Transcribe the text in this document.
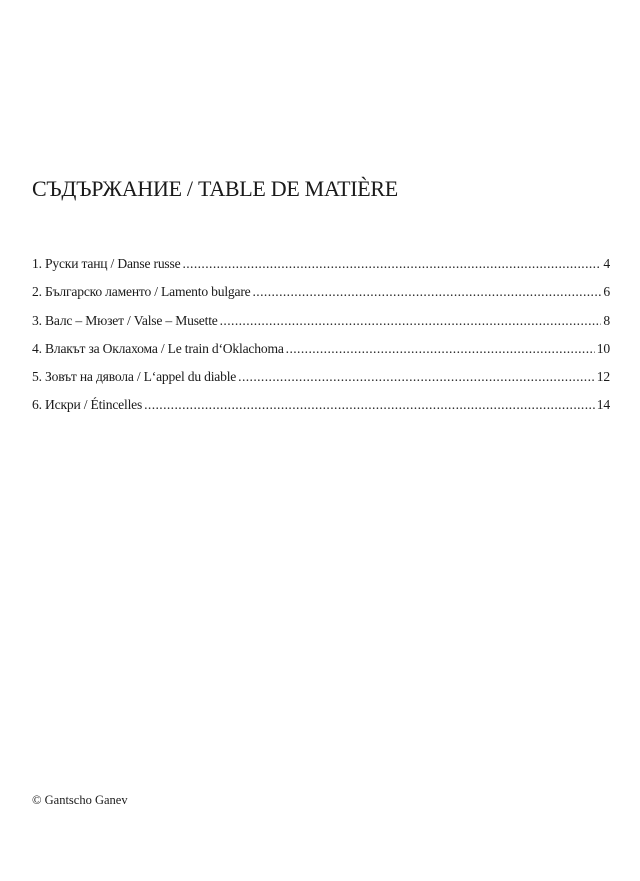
СЪДЪРЖАНИЕ / TABLE DE MATIÈRE
1. Руски танц / Danse russe .....	4
2. Българско ламенто / Lamento bulgare .....	6
3. Валс – Мюзет / Valse – Musette .....	8
4. Влакът за Оклахома / Le train d‘Oklachoma .....	10
5. Зовът на дявола / L‘appel du diable .....	12
6. Искри / Étincelles .....	14
© Gantscho Ganev
